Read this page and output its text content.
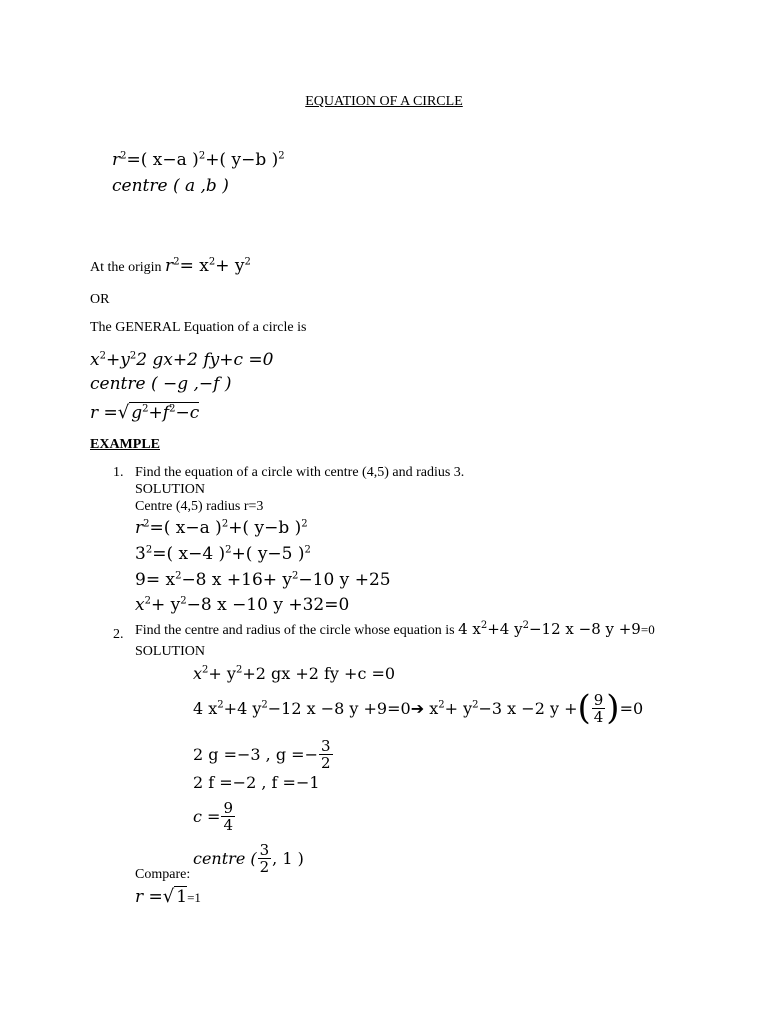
EQUATION OF A CIRCLE
$r^2=$( x−a )$^2$+( y−b )$^2$
centre ( a ,b )
At the origin $r^2= x^2+ y^2$
OR
The GENERAL Equation of a circle is
$x^2+y^22$ gx+2 fy+c =0
centre ( −g ,−f )
r =√ $g^2+f^2-c$
EXAMPLE
1. Find the equation of a circle with centre (4,5) and radius 3.
SOLUTION
Centre (4,5) radius r=3
$r^2=$( x−a )$^2$+( y−b )$^2$
$3^2=$( x−4 )$^2$+( y−5 )$^2$
$9= x^2-8$ $x +16+ y^2-10$ y +25
$x^2+ y^2-8$ x −10 y +32=0
2. Find the centre and radius of the circle whose equation is 4 $x^2+4$ $y^2-12$ x −8 y +9=0
SOLUTION
$x^2+ y^2+2$ gx +2 fy +c =0
4 $x^2+4$ $y^2-12$ x −8 y +9=0➔ $x^2+ y^2-3$ x −2 y + ( $\frac{9}{4}$ ) =0
2 g =−3 , $g =- \frac{3}{2}$
2 f =−2 , f =−1
$c = \frac{9}{4}$
centre ( $\frac{3}{2}$ , 1 )
Compare:
r =√ 1=1
